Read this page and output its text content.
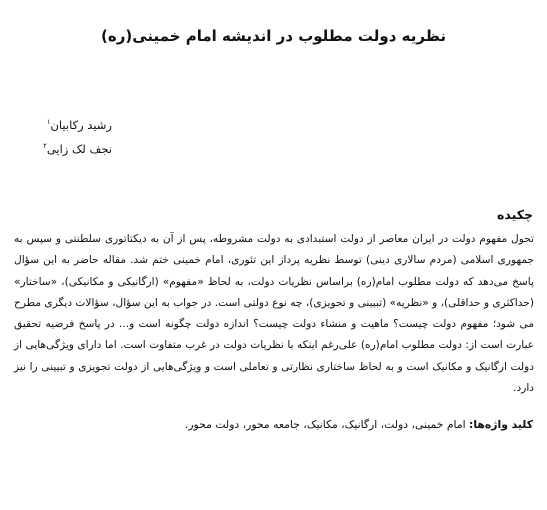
نظریه دولت مطلوب در اندیشه امام خمینی(ره)
رشید رکابیان$^۱$
نجف لک زایی$^۲$
چکیده
تحول مفهوم دولت در ایران معاصر از دولت استبدادی به دولت مشروطه، پس از آن به دیکتاتوری سلطنتی و سپس به جمهوری اسلامی (مردم سالاری دینی) توسط نظریه پرداز این تئوری، امام خمینی ختم شد. مقاله حاضر به این سؤال پاسخ می‌دهد که دولت مطلوب امام(ره) براساس نظریات دولت، به لحاظ «مفهوم» (ارگانیکی و مکانیکی)، «ساختار» (حداکثری و حداقلی)، و «نظریه» (تبیینی و تجویزی)، چه نوع دولتی است. در جواب به این سؤال، سؤالات دیگری مطرح می شود؛ مفهوم دولت چیست؟ ماهیت و منشاء دولت چیست؟ اندازه دولت چگونه است و... در پاسخ فرضیه تحقیق عبارت است از: دولت مطلوب امام(ره) علی‌رغم اینکه با نظریات دولت در غرب متفاوت است. اما دارای ویژگی‌هایی از دولت ارگانیک و مکانیک است و به لحاظ ساختاری نظارتی و تعاملی است و ویژگی‌هایی از دولت تجویزی و تبیینی را نیز دارد.
کلید واژه‌ها: امام خمینی، دولت، ارگانیک، مکانیک، جامعه محور، دولت محور.
